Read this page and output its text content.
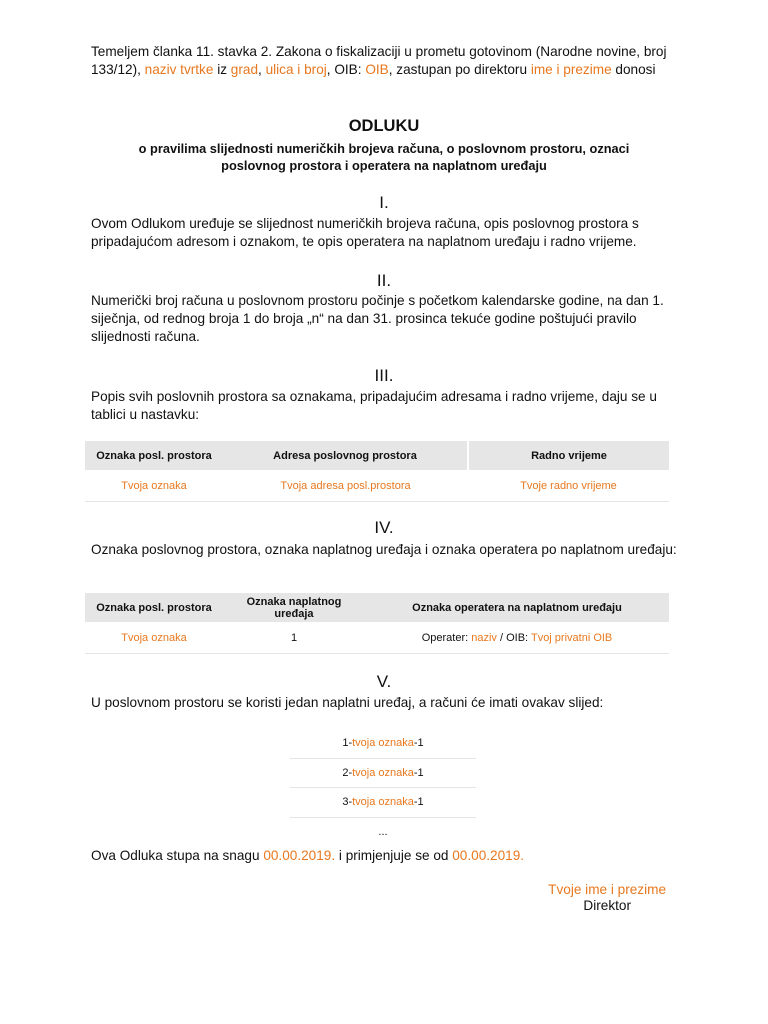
Temeljem članka 11. stavka 2. Zakona o fiskalizaciji u prometu gotovinom (Narodne novine, broj 133/12), naziv tvrtke iz grad, ulica i broj, OIB: OIB, zastupan po direktoru ime i prezime donosi

ODLUKU
o pravilima slijednosti numeričkih brojeva računa, o poslovnom prostoru, oznaci
poslovnog prostora i operatera na naplatnom uređaju
I.

Ovom Odlukom uređuje se slijednost numeričkih brojeva računa, opis poslovnog prostora s pripadajućom adresom i oznakom, te opis operatera na naplatnom uređaju i radno vrijeme.

II.

Numerički broj računa u poslovnom prostoru počinje s početkom kalendarske godine, na dan 1. siječnja, od rednog broja 1 do broja „n“ na dan 31. prosinca tekuće godine poštujući pravilo slijednosti računa.

III.

Popis svih poslovnih prostora sa oznakama, pripadajućim adresama i radno vrijeme, daju se u tablici u nastavku:

Oznaka posl. prostora	Adresa poslovnog prostora	Radno vrijeme
Tvoja oznaka	Tvoja adresa posl.prostora	Tvoje radno vrijeme
IV.

Oznaka poslovnog prostora, oznaka naplatnog uređaja i oznaka operatera po naplatnom uređaju:

Oznaka posl. prostora	Oznaka naplatnog uređaja	Oznaka operatera na naplatnom uređaju
Tvoja oznaka	1	Operater: naziv / OIB: Tvoj privatni OIB
V.

U poslovnom prostoru se koristi jedan naplatni uređaj, a računi će imati ovakav slijed:

1-tvoja oznaka-1
2-tvoja oznaka-1
3-tvoja oznaka-1
...

Ova Odluka stupa na snagu 00.00.2019. i primjenjuje se od 00.00.2019.

Tvoje ime i prezime
Direktor
